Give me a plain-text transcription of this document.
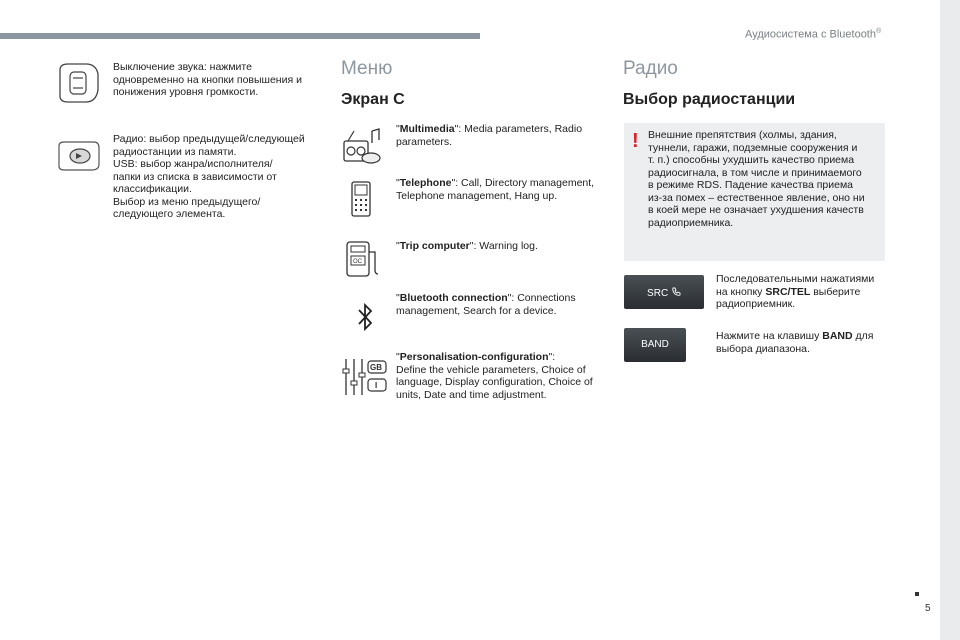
Аудиосистема с Bluetooth®
5
Выключение звука: нажмите
одновременно на кнопки повышения и
понижения уровня громкости.
Радио: выбор предыдущей/следующей
радиостанции из памяти.
USB: выбор жанра/исполнителя/
папки из списка в зависимости от
классификации.
Выбор из меню предыдущего/
следующего элемента.
Меню
Экран С
"Multimedia": Media parameters, Radio
parameters.
"Telephone": Call, Directory management,
Telephone management, Hang up.
OC
"Trip computer": Warning log.
"Bluetooth connection": Connections
management, Search for a device.
GB
I
"Personalisation-configuration":
Define the vehicle parameters, Choice of
language, Display configuration, Choice of
units, Date and time adjustment.
Радио
Выбор радиостанции
! Внешние препятствия (холмы, здания,
туннели, гаражи, подземные сооружения и
т. п.) способны ухудшить качество приема
радиосигнала, в том числе и принимаемого
в режиме RDS. Падение качества приема
из-за помех – естественное явление, оно ни
в коей мере не означает ухудшения качеств
радиоприемника.
SRC
Последовательными нажатиями
на кнопку SRC/TEL выберите
радиоприемник.
BAND
Нажмите на клавишу BAND для
выбора диапазона.
